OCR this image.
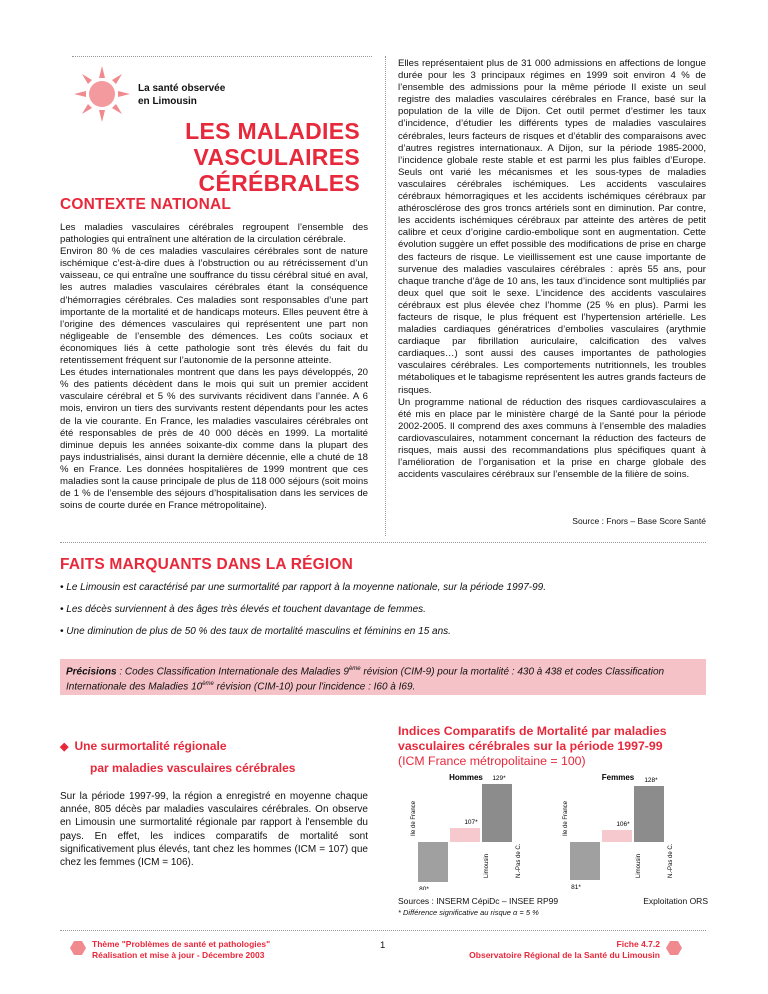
La santé observée
en Limousin
LES MALADIES
VASCULAIRES CÉRÉBRALES
CONTEXTE NATIONAL

Les maladies vasculaires cérébrales regroupent l’ensemble des pathologies qui entraînent une altération de la circulation cérébrale.

Environ 80 % de ces maladies vasculaires cérébrales sont de nature ischémique c’est-à-dire dues à l’obstruction ou au rétrécissement d’un vaisseau, ce qui entraîne une souffrance du tissu cérébral situé en aval, les autres maladies vasculaires cérébrales étant la conséquence d’hémorragies cérébrales. Ces maladies sont responsables d’une part importante de la mortalité et de handicaps moteurs. Elles peuvent être à l’origine des démences vasculaires qui représentent une part non négligeable de l’ensemble des démences. Les coûts sociaux et économiques liés à cette pathologie sont très élevés du fait du retentissement fréquent sur l’autonomie de la personne atteinte.

Les études internationales montrent que dans les pays développés, 20 % des patients décèdent dans le mois qui suit un premier accident vasculaire cérébral et 5 % des survivants récidivent dans l’année. A 6 mois, environ un tiers des survivants restent dépendants pour les actes de la vie courante. En France, les maladies vasculaires cérébrales ont été responsables de près de 40 000 décès en 1999. La mortalité diminue depuis les années soixante-dix comme dans la plupart des pays industrialisés, ainsi durant la dernière décennie, elle a chuté de 18 % en France. Les données hospitalières de 1999 montrent que ces maladies sont la cause principale de plus de 118 000 séjours (soit moins de 1 % de l’ensemble des séjours d’hospitalisation dans les services de soins de courte durée en France métropolitaine).

Elles représentaient plus de 31 000 admissions en affections de longue durée pour les 3 principaux régimes en 1999 soit environ 4 % de l’ensemble des admissions pour la même période Il existe un seul registre des maladies vasculaires cérébrales en France, basé sur la population de la ville de Dijon. Cet outil permet d’estimer les taux d’incidence, d’étudier les différents types de maladies vasculaires cérébrales, leurs facteurs de risques et d’établir des comparaisons avec d’autres registres internationaux. A Dijon, sur la période 1985-2000, l’incidence globale reste stable et est parmi les plus faibles d’Europe. Seuls ont varié les mécanismes et les sous-types de maladies vasculaires cérébrales ischémiques. Les accidents vasculaires cérébraux hémorragiques et les accidents ischémiques cérébraux par athérosclérose des gros troncs artériels sont en diminution. Par contre, les accidents ischémiques cérébraux par atteinte des artères de petit calibre et ceux d’origine cardio-embolique sont en augmentation. Cette évolution suggère un effet possible des modifications de prise en charge des facteurs de risque. Le vieillissement est une cause importante de survenue des maladies vasculaires cérébrales : après 55 ans, pour chaque tranche d’âge de 10 ans, les taux d’incidence sont multipliés par deux quel que soit le sexe. L’incidence des accidents vasculaires cérébraux est plus élevée chez l’homme (25 % en plus). Parmi les facteurs de risque, le plus fréquent est l’hypertension artérielle. Les maladies cardiaques génératrices d’embolies vasculaires (arythmie cardiaque par fibrillation auriculaire, calcification des valves cardiaques…) sont aussi des causes importantes de pathologies vasculaires cérébrales. Les comportements nutritionnels, les troubles métaboliques et le tabagisme représentent les autres grands facteurs de risques.

Un programme national de réduction des risques cardiovasculaires a été mis en place par le ministère chargé de la Santé pour la période 2002-2005. Il comprend des axes communs à l’ensemble des maladies cardiovasculaires, notamment concernant la réduction des facteurs de risques, mais aussi des recommandations plus spécifiques quant à l’amélioration de l’organisation et la prise en charge globale des accidents vasculaires cérébraux sur l’ensemble de la filière de soins.

Source : Fnors – Base Score Santé
FAITS MARQUANTS DANS LA RÉGION
• Le Limousin est caractérisé par une surmortalité par rapport à la moyenne nationale, sur la période 1997-99.
• Les décès surviennent à des âges très élevés et touchent davantage de femmes.
• Une diminution de plus de 50 % des taux de mortalité masculins et féminins en 15 ans.
Précisions : Codes Classification Internationale des Maladies 9ème révision (CIM-9) pour la mortalité : 430 à 438 et codes Classification Internationale des Maladies 10ème révision (CIM-10) pour l'incidence : I60 à I69.
◆ Une surmortalité régionale
par maladies vasculaires cérébrales
Sur la période 1997-99, la région a enregistré en moyenne chaque année, 805 décès par maladies vasculaires cérébrales. On observe en Limousin une surmortalité régionale par rapport à l'ensemble du pays. En effet, les indices comparatifs de mortalité sont significativement plus élevés, tant chez les hommes (ICM = 107) que chez les femmes (ICM = 106).
Indices Comparatifs de Mortalité par maladies vasculaires cérébrales sur la période 1997-99
(ICM France métropolitaine = 100)
Hommes
80*
Ile de France	107*
Limousin
129*
N.-Pas de C.
Femmes
81*
Ile de France	106*
Limousin
128*
N.-Pas de C.
Sources : INSERM CépiDc – INSEE RP99
* Différence significative au risque α = 5 %
Exploitation ORS
Thème "Problèmes de santé et pathologies"
Réalisation et mise à jour - Décembre 2003
1	Fiche 4.7.2
Observatoire Régional de la Santé du Limousin
